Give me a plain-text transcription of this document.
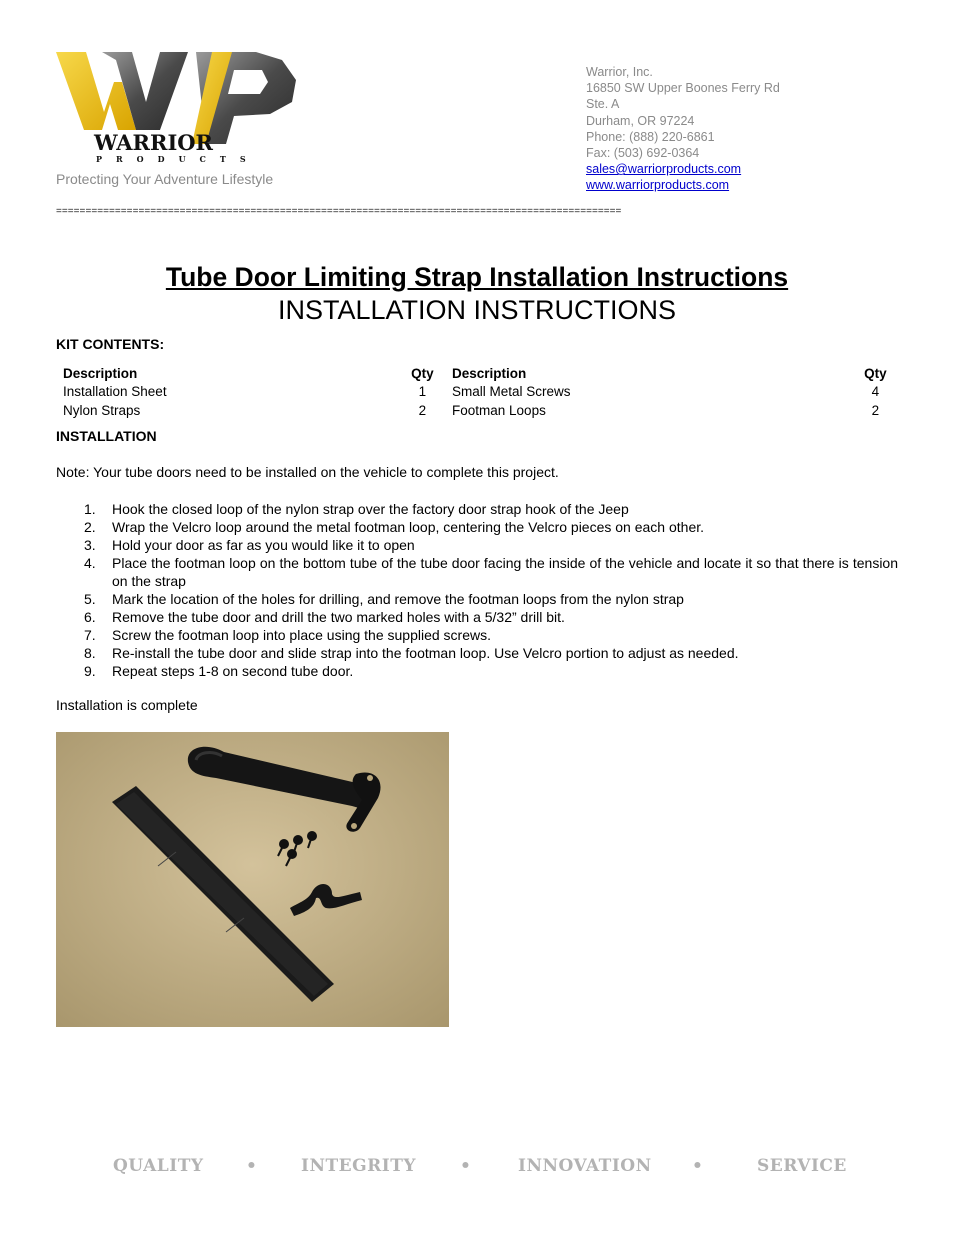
WARRIOR
PRODUCTS
Protecting Your Adventure Lifestyle
Warrior, Inc.
16850 SW Upper Boones Ferry Rd
Ste. A
Durham, OR 97224
Phone: (888) 220-6861
Fax: (503) 692-0364
sales@warriorproducts.com
www.warriorproducts.com
================================================================================================
Tube Door Limiting Strap Installation Instructions
INSTALLATION INSTRUCTIONS
KIT CONTENTS:
Description	Qty	Description	Qty
Installation Sheet	1	Small Metal Screws	4
Nylon Straps	2	Footman Loops	2
INSTALLATION
Note: Your tube doors need to be installed on the vehicle to complete this project.
1. Hook the closed loop of the nylon strap over the factory door strap hook of the Jeep
2. Wrap the Velcro loop around the metal footman loop, centering the Velcro pieces on each other.
3. Hold your door as far as you would like it to open
4. Place the footman loop on the bottom tube of the tube door facing the inside of the vehicle and locate it so that there is tension on the strap
5. Mark the location of the holes for drilling, and remove the footman loops from the nylon strap
6. Remove the tube door and drill the two marked holes with a 5/32” drill bit.
7. Screw the footman loop into place using the supplied screws.
8. Re-install the tube door and slide strap into the footman loop. Use Velcro portion to adjust as needed.
9. Repeat steps 1-8 on second tube door.
Installation is complete
QUALITY	•	INTEGRITY	•	INNOVATION •	SERVICE
